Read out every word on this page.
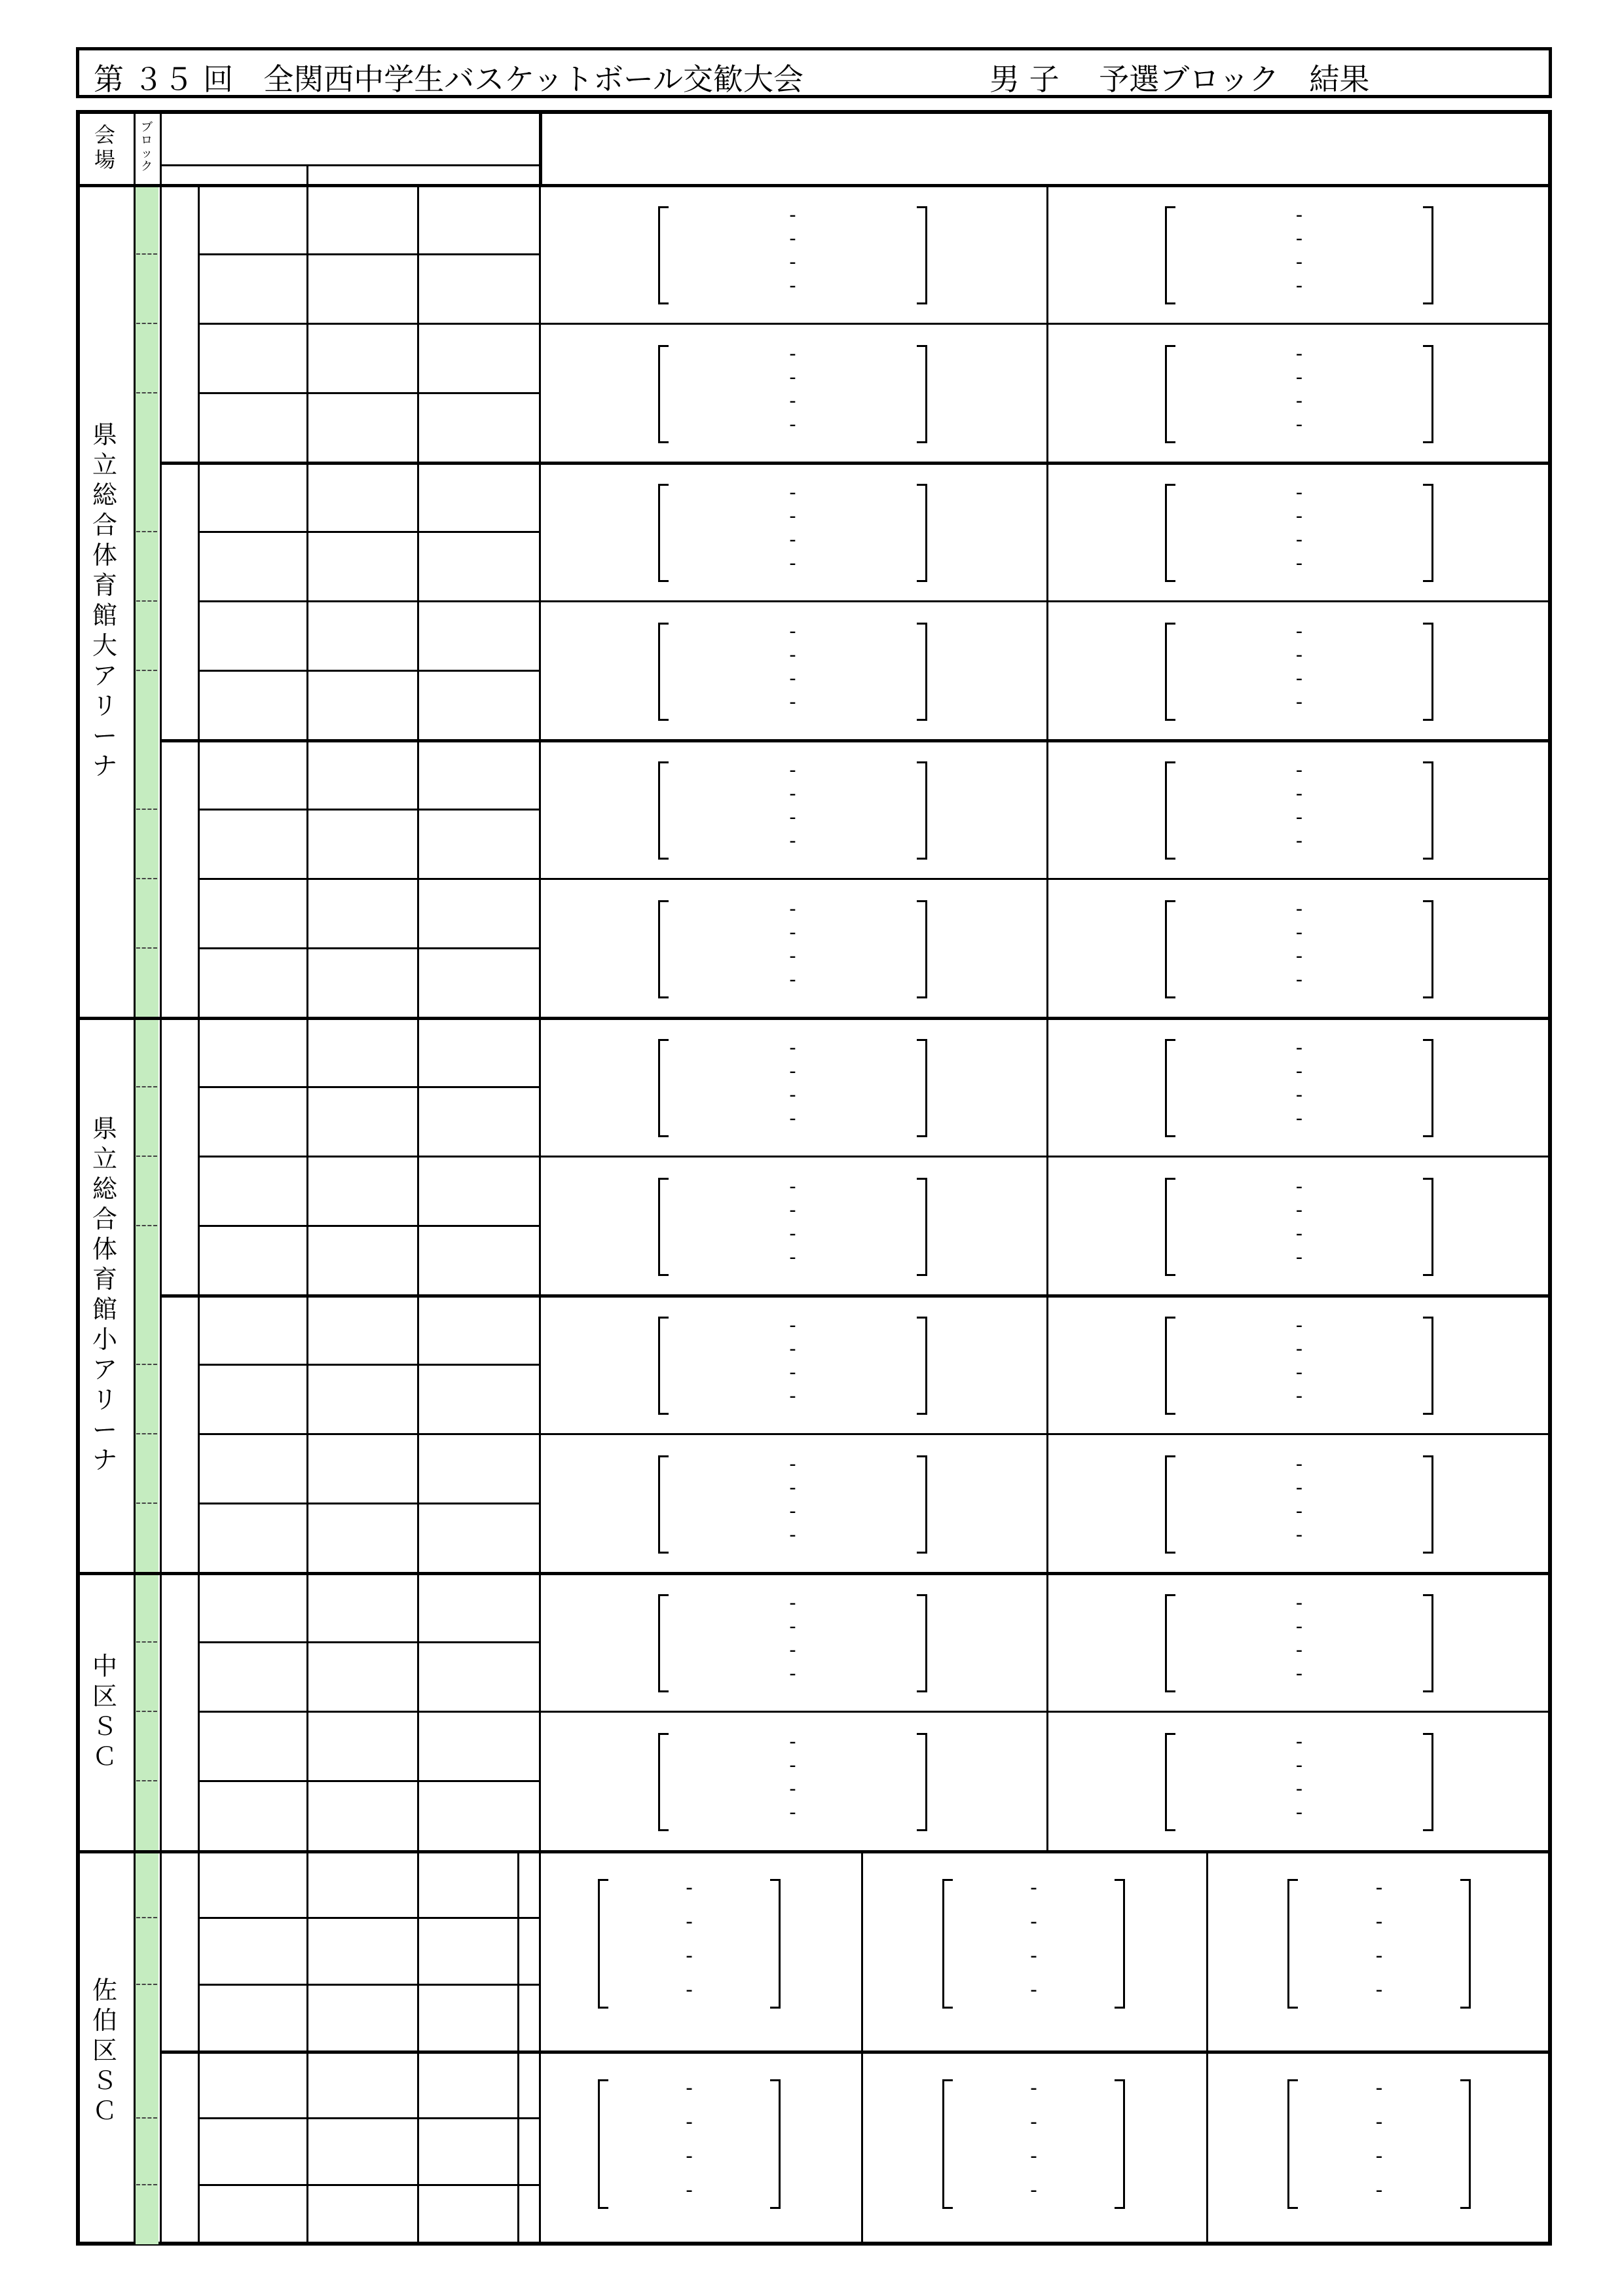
第 ３５ 回　全関西中学生バスケットボール交歓大会	男 子　 予選ブロック　結果
会
場
ブ
ロ
ッ
ク
県
立
総
合
体
育
館
大
ア
リ
ー
ナ
県
立
総
合
体
育
館
小
ア
リ
ー
ナ
中
区
Ｓ
Ｃ
佐
伯
区
Ｓ
Ｃ
-
-
-
-
-
-
-
-
-
-
-
-
-
-
-
-
-
-
-
-
-
-
-
-
-
-
-
-
-
-
-
-
-
-
-
-
-
-
-
-
-
-
-
-
-
-
-
-
-
-
-
-
-
-
-
-
-
-
-
-
-
-
-
-
-
-
-
-
-
-
-
-
-
-
-
-
-
-
-
-
-
-
-
-
-
-
-
-
-
-
-
-
-
-
-
-
-
-
-
-
-
-
-
-
-
-
-
-
-
-
-
-
-
-
-
-
-
-
-
-
